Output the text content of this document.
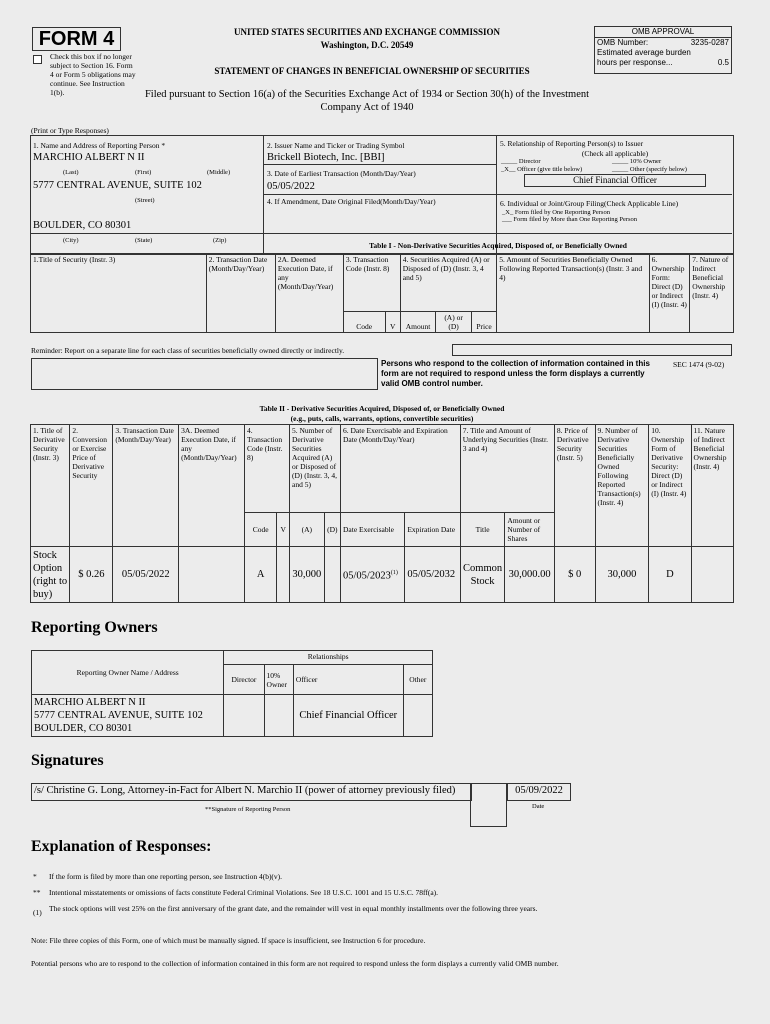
FORM 4
Check this box if no longer subject to Section 16. Form 4 or Form 5 obligations may continue. See Instruction 1(b).
UNITED STATES SECURITIES AND EXCHANGE COMMISSION
Washington, D.C. 20549
STATEMENT OF CHANGES IN BENEFICIAL OWNERSHIP OF SECURITIES
OMB APPROVAL
OMB Number:	3235-0287
Estimated average burden hours per response...	0.5
Filed pursuant to Section 16(a) of the Securities Exchange Act of 1934 or Section 30(h) of the Investment Company Act of 1940
(Print or Type Responses)
1. Name and Address of Reporting Person *
MARCHIO ALBERT N II
(Last)	(First)	(Middle)
5777 CENTRAL AVENUE, SUITE 102
(Street)
BOULDER, CO 80301
(City)	(State)	(Zip)
2. Issuer Name and Ticker or Trading Symbol
Brickell Biotech, Inc. [BBI]
3. Date of Earliest Transaction (Month/Day/Year)
05/05/2022
4. If Amendment, Date Original Filed(Month/Day/Year)
5. Relationship of Reporting Person(s) to Issuer
(Check all applicable)
_____ Director	_____ 10% Owner
_X__ Officer (give title below)	_____ Other (specify below)
Chief Financial Officer
6. Individual or Joint/Group Filing(Check Applicable Line)
_X_ Form filed by One Reporting Person
___ Form filed by More than One Reporting Person
Table I - Non-Derivative Securities Acquired, Disposed of, or Beneficially Owned
1.Title of Security (Instr. 3)	2. Transaction Date (Month/Day/Year)	2A. Deemed Execution Date, if any (Month/Day/Year)	3. Transaction Code (Instr. 8)		4. Securities Acquired (A) or Disposed of (D) (Instr. 3, 4 and 5)			5. Amount of Securities Beneficially Owned Following Reported Transaction(s) (Instr. 3 and 4)	6. Ownership Form: Direct (D) or Indirect (I) (Instr. 4)	7. Nature of Indirect Beneficial Ownership (Instr. 4)
			Code	V	Amount	(A) or (D)	Price			
Reminder: Report on a separate line for each class of securities beneficially owned directly or indirectly.
Persons who respond to the collection of information contained in this form are not required to respond unless the form displays a currently valid OMB control number.
SEC 1474 (9-02)
Table II - Derivative Securities Acquired, Disposed of, or Beneficially Owned
(e.g., puts, calls, warrants, options, convertible securities)
1. Title of Derivative Security (Instr. 3)	2. Conversion or Exercise Price of Derivative Security	3. Transaction Date (Month/Day/Year)	3A. Deemed Execution Date, if any (Month/Day/Year)	4. Transaction Code (Instr. 8)		5. Number of Derivative Securities Acquired (A) or Disposed of (D) (Instr. 3, 4, and 5)		6. Date Exercisable and Expiration Date (Month/Day/Year)		7. Title and Amount of Underlying Securities (Instr. 3 and 4)		8. Price of Derivative Security (Instr. 5)	9. Number of Derivative Securities Beneficially Owned Following Reported Transaction(s) (Instr. 4)	10. Ownership Form of Derivative Security: Direct (D) or Indirect (I) (Instr. 4)	11. Nature of Indirect Beneficial Ownership (Instr. 4)
				Code	V	(A)	(D)	Date Exercisable	Expiration Date	Title	Amount or Number of Shares				
Stock Option (right to buy)	$ 0.26	05/05/2022		A		30,000		05/05/2023$^{(1)}$	05/05/2032	Common Stock	30,000.00	$ 0	30,000	D	
Reporting Owners
Reporting Owner Name / Address	Relationships			
	Director	10% Owner	Officer	Other

MARCHIO ALBERT N II
5777 CENTRAL AVENUE, SUITE 102
BOULDER, CO 80301			Chief Financial Officer	
Signatures
/s/ Christine G. Long, Attorney-in-Fact for Albert N. Marchio II (power of attorney previously filed)
**Signature of Reporting Person
05/09/2022
Date
Explanation of Responses:
* If the form is filed by more than one reporting person, see Instruction 4(b)(v).
** Intentional misstatements or omissions of facts constitute Federal Criminal Violations. See 18 U.S.C. 1001 and 15 U.S.C. 78ff(a).
(1) The stock options will vest 25% on the first anniversary of the grant date, and the remainder will vest in equal monthly installments over the following three years.
Note: File three copies of this Form, one of which must be manually signed. If space is insufficient, see Instruction 6 for procedure.
Potential persons who are to respond to the collection of information contained in this form are not required to respond unless the form displays a currently valid OMB number.
